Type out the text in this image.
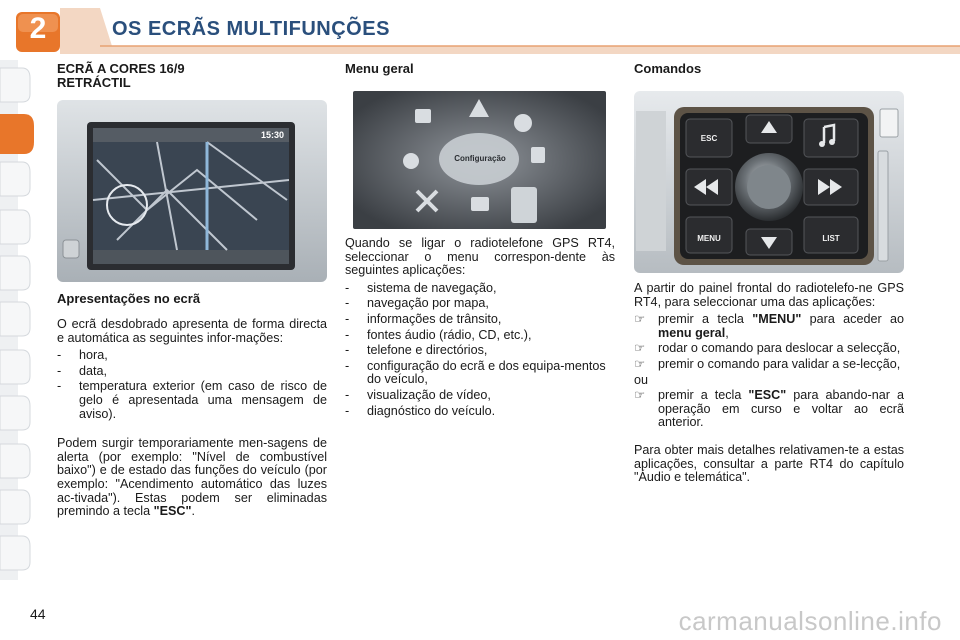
2	OS ECRÃS MULTIFUNÇÕES
ECRÃ A CORES 16/9 RETRÁCTIL
15:30
Apresentações no ecrã

O ecrã desdobrado apresenta de forma directa e automática as seguintes infor-mações:

- hora,
- data,
- temperatura exterior (em caso de risco de gelo é apresentada uma mensagem de aviso).

Podem surgir temporariamente men-sagens de alerta (por exemplo: "Nível de combustível baixo") e de estado das funções do veículo (por exemplo: "Acendimento automático das luzes ac-tivada"). Estas podem ser eliminadas premindo a tecla "ESC".

Menu geral
Configuração

Quando se ligar o radiotelefone GPS RT4, seleccionar o menu correspon-dente às seguintes aplicações:

- sistema de navegação,
- navegação por mapa,
- informações de trânsito,
- fontes áudio (rádio, CD, etc.),
- telefone e directórios,
- configuração do ecrã e dos equipa-mentos do veículo,
- visualização de vídeo,
- diagnóstico do veículo.
Comandos
ESC
MENU	LIST

A partir do painel frontal do radiotelefo-ne GPS RT4, para seleccionar uma das aplicações:

☞ premir a tecla "MENU" para aceder ao menu geral,
☞ rodar o comando para deslocar a selecção,
☞ premir o comando para validar a se-lecção,
ou
☞ premir a tecla "ESC" para abando-nar a operação em curso e voltar ao ecrã anterior.

Para obter mais detalhes relativamen-te a estas aplicações, consultar a parte RT4 do capítulo "Áudio e telemática".

44	carmanualsonline.info
